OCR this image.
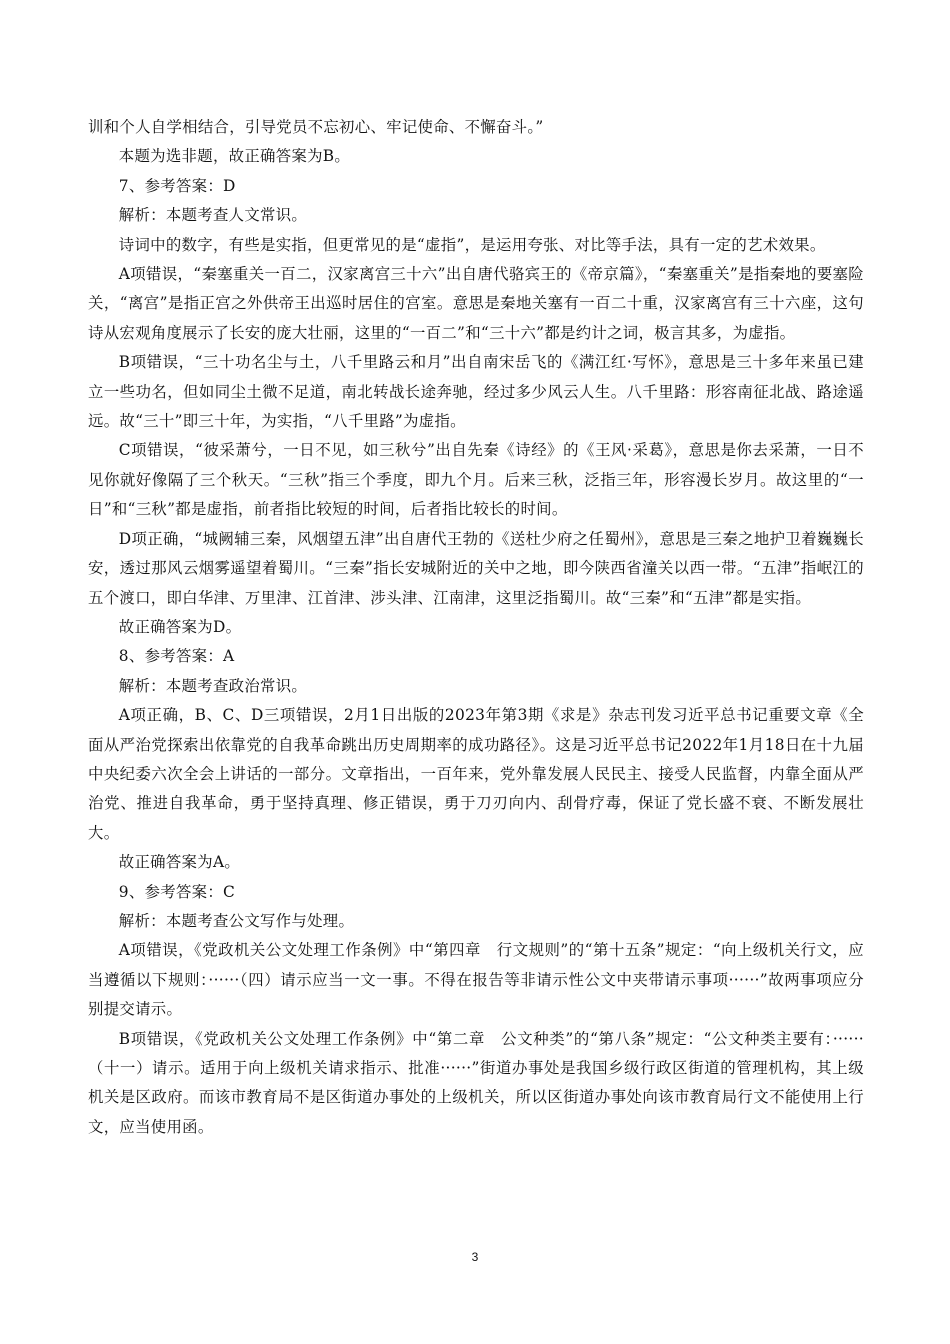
训和个人自学相结合，引导党员不忘初心、牢记使命、不懈奋斗。”

本题为选非题，故正确答案为B。

7、参考答案：D

解析：本题考查人文常识。

诗词中的数字，有些是实指，但更常见的是“虚指”，是运用夸张、对比等手法，具有一定的艺术效果。

A项错误，“秦塞重关一百二，汉家离宫三十六”出自唐代骆宾王的《帝京篇》，“秦塞重关”是指秦地的要塞险关，“离宫”是指正宫之外供帝王出巡时居住的宫室。意思是秦地关塞有一百二十重，汉家离宫有三十六座，这句诗从宏观角度展示了长安的庞大壮丽，这里的“一百二”和“三十六”都是约计之词，极言其多，为虚指。

B项错误，“三十功名尘与土，八千里路云和月”出自南宋岳飞的《满江红·写怀》，意思是三十多年来虽已建立一些功名，但如同尘土微不足道，南北转战长途奔驰，经过多少风云人生。八千里路：形容南征北战、路途遥远。故“三十”即三十年，为实指，“八千里路”为虚指。

C项错误，“彼采萧兮，一日不见，如三秋兮”出自先秦《诗经》的《王风·采葛》，意思是你去采萧，一日不见你就好像隔了三个秋天。“三秋”指三个季度，即九个月。后来三秋，泛指三年，形容漫长岁月。故这里的“一日”和“三秋”都是虚指，前者指比较短的时间，后者指比较长的时间。

D项正确，“城阙辅三秦，风烟望五津”出自唐代王勃的《送杜少府之任蜀州》，意思是三秦之地护卫着巍巍长安，透过那风云烟雾遥望着蜀川。“三秦”指长安城附近的关中之地，即今陕西省潼关以西一带。“五津”指岷江的五个渡口，即白华津、万里津、江首津、涉头津、江南津，这里泛指蜀川。故“三秦”和“五津”都是实指。

故正确答案为D。

8、参考答案：A

解析：本题考查政治常识。

A项正确，B、C、D三项错误，2月1日出版的2023年第3期《求是》杂志刊发习近平总书记重要文章《全面从严治党探索出依靠党的自我革命跳出历史周期率的成功路径》。这是习近平总书记2022年1月18日在十九届中央纪委六次全会上讲话的一部分。文章指出，一百年来，党外靠发展人民民主、接受人民监督，内靠全面从严治党、推进自我革命，勇于坚持真理、修正错误，勇于刀刃向内、刮骨疗毒，保证了党长盛不衰、不断发展壮大。

故正确答案为A。

9、参考答案：C

解析：本题考查公文写作与处理。

A项错误，《党政机关公文处理工作条例》中“第四章　行文规则”的“第十五条”规定：“向上级机关行文，应当遵循以下规则：······（四）请示应当一文一事。不得在报告等非请示性公文中夹带请示事项······”故两事项应分别提交请示。

B项错误，《党政机关公文处理工作条例》中“第二章　公文种类”的“第八条”规定：“公文种类主要有：······（十一）请示。适用于向上级机关请求指示、批准······”街道办事处是我国乡级行政区街道的管理机构，其上级机关是区政府。而该市教育局不是区街道办事处的上级机关，所以区街道办事处向该市教育局行文不能使用上行文，应当使用函。

3
